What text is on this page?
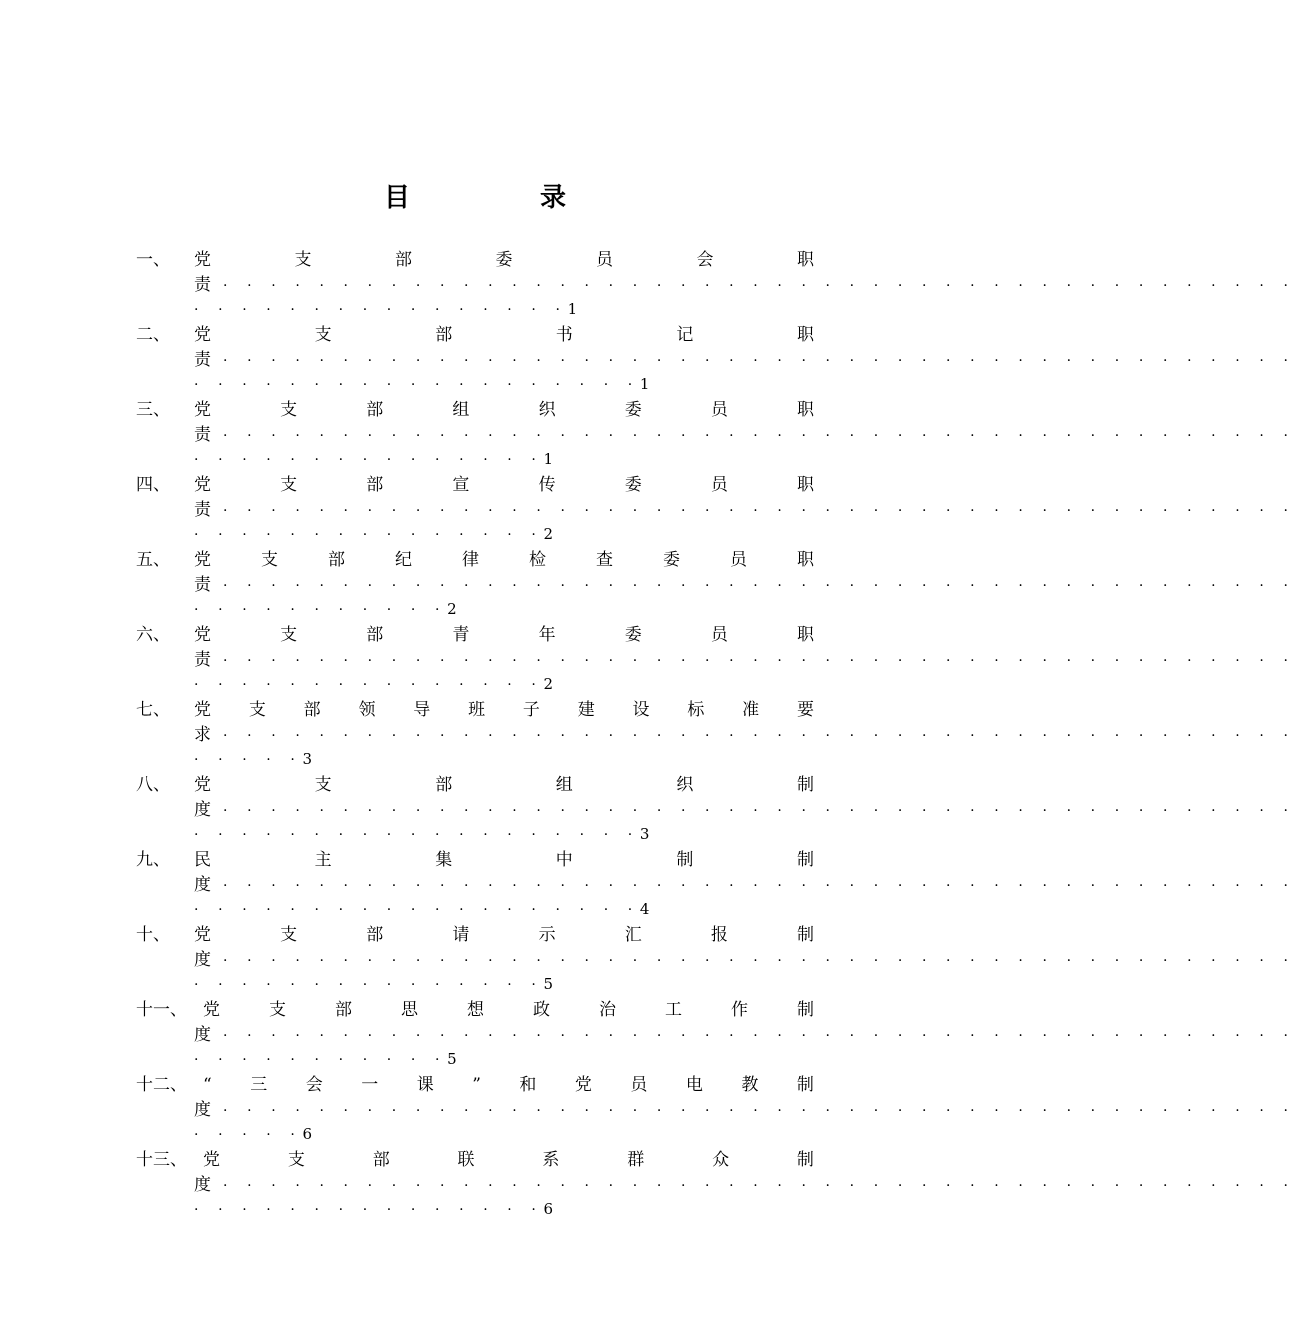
目　录
一、 党	支	部	委	员	会	职
责 · · · · · · · · · · · · · · · · · · · · · · · · · · · · · · · · · · · · · · · · · · · · ·
· · · · · · · · · · · · · · · ·1
二、 党	支	部	书	记	职
责 · · · · · · · · · · · · · · · · · · · · · · · · · · · · · · · · · · · · · · · · · · · · ·
· · · · · · · · · · · · · · · · · · ·1
三、 党	支	部	组	织	委	员	职
责 · · · · · · · · · · · · · · · · · · · · · · · · · · · · · · · · · · · · · · · · · · · · ·
· · · · · · · · · · · · · · ·1
四、 党	支	部	宣	传	委	员	职
责 · · · · · · · · · · · · · · · · · · · · · · · · · · · · · · · · · · · · · · · · · · · · ·
· · · · · · · · · · · · · · ·2
五、 党	支	部	纪	律	检	查	委	员	职
责 · · · · · · · · · · · · · · · · · · · · · · · · · · · · · · · · · · · · · · · · · · · · ·
· · · · · · · · · · ·2
六、 党	支	部	青	年	委	员	职
责 · · · · · · · · · · · · · · · · · · · · · · · · · · · · · · · · · · · · · · · · · · · · ·
· · · · · · · · · · · · · · ·2
七、 党 支 部 领 导 班 子 建 设 标 准 要
求 · · · · · · · · · · · · · · · · · · · · · · · · · · · · · · · · · · · · · · · · · · · · ·
· · · · ·3
八、 党	支	部	组	织	制
度 · · · · · · · · · · · · · · · · · · · · · · · · · · · · · · · · · · · · · · · · · · · · ·
· · · · · · · · · · · · · · · · · · ·3
九、 民	主	集	中	制	制
度 · · · · · · · · · · · · · · · · · · · · · · · · · · · · · · · · · · · · · · · · · · · · ·
· · · · · · · · · · · · · · · · · · ·4
十、 党	支	部	请	示	汇	报	制
度 · · · · · · · · · · · · · · · · · · · · · · · · · · · · · · · · · · · · · · · · · · · · ·
· · · · · · · · · · · · · · ·5
十一、 党	支	部	思	想	政	治	工	作	制
度 · · · · · · · · · · · · · · · · · · · · · · · · · · · · · · · · · · · · · · · · · · · · ·
· · · · · · · · · · ·5
十二、 “ 三 会 一 课 ” 和 党 员 电 教 制
度 · · · · · · · · · · · · · · · · · · · · · · · · · · · · · · · · · · · · · · · · · · · · ·
· · · · ·6
十三、 党	支	部	联	系	群	众	制
度 · · · · · · · · · · · · · · · · · · · · · · · · · · · · · · · · · · · · · · · · · · · · ·
· · · · · · · · · · · · · · ·6
